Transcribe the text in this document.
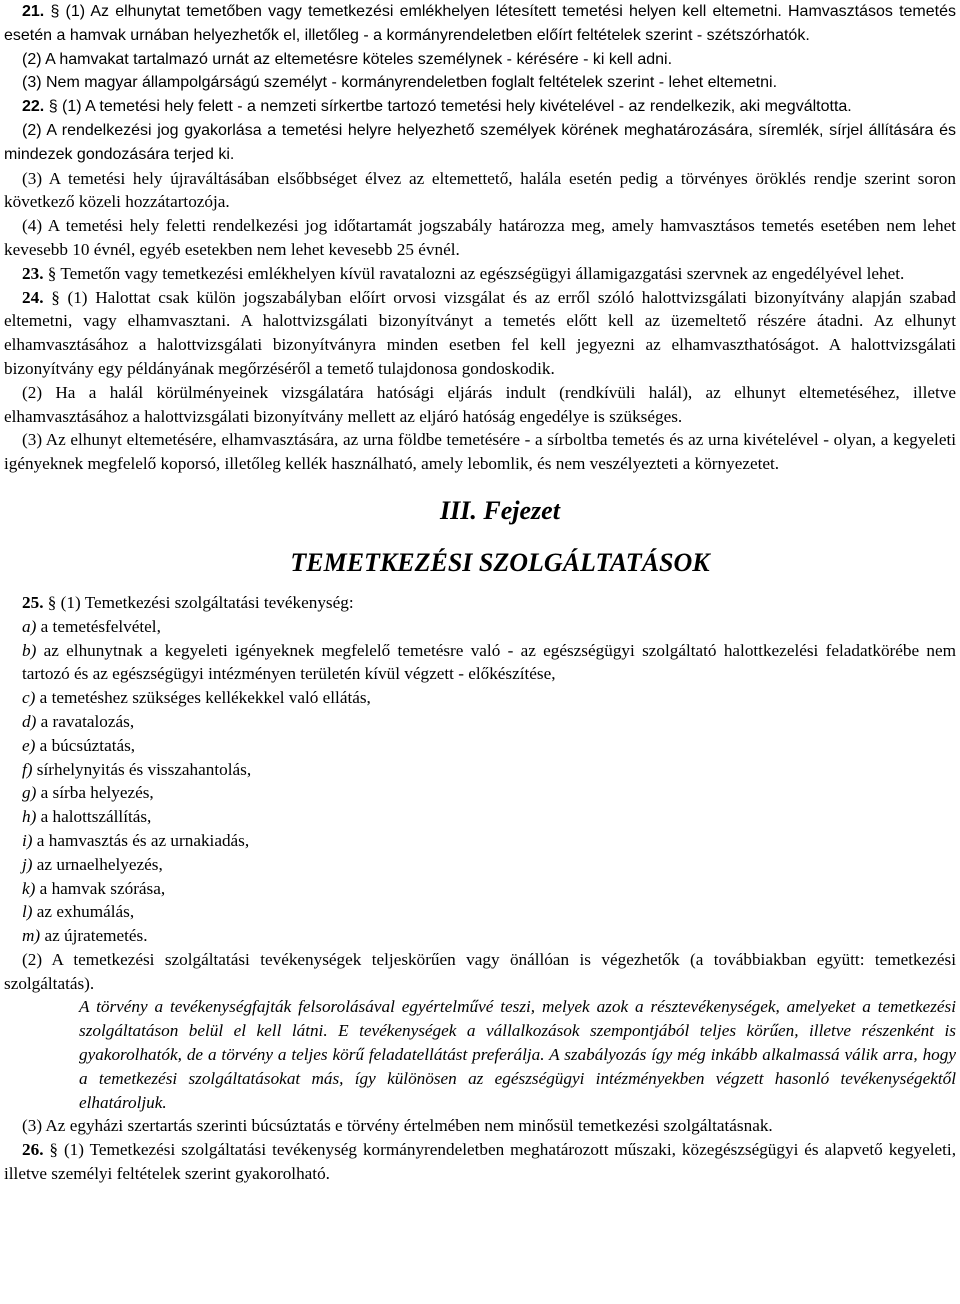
21. § (1) Az elhunytat temetőben vagy temetkezési emlékhelyen létesített temetési helyen kell eltemetni. Hamvasztásos temetés esetén a hamvak urnában helyezhetők el, illetőleg - a kormányrendeletben előírt feltételek szerint - szétszórhatók.

(2) A hamvakat tartalmazó urnát az eltemetésre köteles személynek - kérésére - ki kell adni.

(3) Nem magyar állampolgárságú személyt - kormányrendeletben foglalt feltételek szerint - lehet eltemetni.

22. § (1) A temetési hely felett - a nemzeti sírkertbe tartozó temetési hely kivételével - az rendelkezik, aki megváltotta.

(2) A rendelkezési jog gyakorlása a temetési helyre helyezhető személyek körének meghatározására, síremlék, sírjel állítására és mindezek gondozására terjed ki.

(3) A temetési hely újraváltásában elsőbbséget élvez az eltemettető, halála esetén pedig a törvényes öröklés rendje szerint soron következő közeli hozzátartozója.

(4) A temetési hely feletti rendelkezési jog időtartamát jogszabály határozza meg, amely hamvasztásos temetés esetében nem lehet kevesebb 10 évnél, egyéb esetekben nem lehet kevesebb 25 évnél.

23. § Temetőn vagy temetkezési emlékhelyen kívül ravatalozni az egészségügyi államigazgatási szervnek az engedélyével lehet.

24. § (1) Halottat csak külön jogszabályban előírt orvosi vizsgálat és az erről szóló halottvizsgálati bizonyítvány alapján szabad eltemetni, vagy elhamvasztani. A halottvizsgálati bizonyítványt a temetés előtt kell az üzemeltető részére átadni. Az elhunyt elhamvasztásához a halottvizsgálati bizonyítványra minden esetben fel kell jegyezni az elhamvaszthatóságot. A halottvizsgálati bizonyítvány egy példányának megőrzéséről a temető tulajdonosa gondoskodik.

(2) Ha a halál körülményeinek vizsgálatára hatósági eljárás indult (rendkívüli halál), az elhunyt eltemetéséhez, illetve elhamvasztásához a halottvizsgálati bizonyítvány mellett az eljáró hatóság engedélye is szükséges.

(3) Az elhunyt eltemetésére, elhamvasztására, az urna földbe temetésére - a sírboltba temetés és az urna kivételével - olyan, a kegyeleti igényeknek megfelelő koporsó, illetőleg kellék használható, amely lebomlik, és nem veszélyezteti a környezetet.

III. Fejezet
TEMETKEZÉSI SZOLGÁLTATÁSOK

25. § (1) Temetkezési szolgáltatási tevékenység:

a) a temetésfelvétel,

b) az elhunytnak a kegyeleti igényeknek megfelelő temetésre való - az egészségügyi szolgáltató halottkezelési feladatkörébe nem tartozó és az egészségügyi intézményen területén kívül végzett - előkészítése,

c) a temetéshez szükséges kellékekkel való ellátás,

d) a ravatalozás,

e) a búcsúztatás,

f) sírhelynyitás és visszahantolás,

g) a sírba helyezés,

h) a halottszállítás,

i) a hamvasztás és az urnakiadás,

j) az urnaelhelyezés,

k) a hamvak szórása,

l) az exhumálás,

m) az újratemetés.

(2) A temetkezési szolgáltatási tevékenységek teljeskörűen vagy önállóan is végezhetők (a továbbiakban együtt: temetkezési szolgáltatás).

A törvény a tevékenységfajták felsorolásával egyértelművé teszi, melyek azok a résztevékenységek, amelyeket a temetkezési szolgáltatáson belül el kell látni. E tevékenységek a vállalkozások szempontjából teljes körűen, illetve részenként is gyakorolhatók, de a törvény a teljes körű feladatellátást preferálja. A szabályozás így még inkább alkalmassá válik arra, hogy a temetkezési szolgáltatásokat más, így különösen az egészségügyi intézményekben végzett hasonló tevékenységektől elhatároljuk.

(3) Az egyházi szertartás szerinti búcsúztatás e törvény értelmében nem minősül temetkezési szolgáltatásnak.

26. § (1) Temetkezési szolgáltatási tevékenység kormányrendeletben meghatározott műszaki, közegészségügyi és alapvető kegyeleti, illetve személyi feltételek szerint gyakorolható.
